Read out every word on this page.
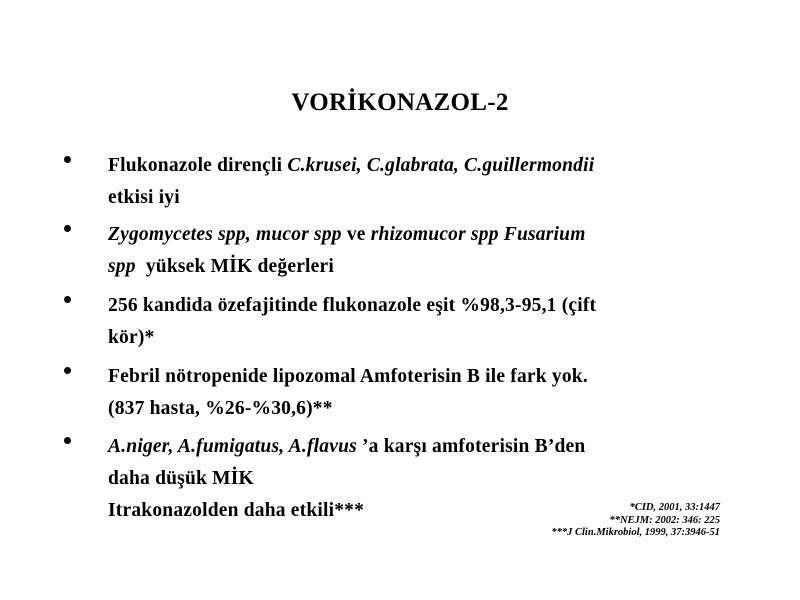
VORİKONAZOL-2
Flukonazole dirençli C.krusei, C.glabrata, C.guillermondii
etkisi iyi
Zygomycetes spp, mucor spp ve rhizomucor spp Fusarium
spp  yüksek MİK değerleri
256 kandida özefajitinde flukonazole eşit %98,3-95,1 (çift
kör)*
Febril nötropenide lipozomal Amfoterisin B ile fark yok.
(837 hasta, %26-%30,6)**
A.niger, A.fumigatus, A.flavus ’a karşı amfoterisin B’den
daha düşük MİK
Itrakonazolden daha etkili***	*CID, 2001, 33:1447
**NEJM: 2002: 346: 225
***J Clin.Mikrobiol, 1999, 37:3946-51
